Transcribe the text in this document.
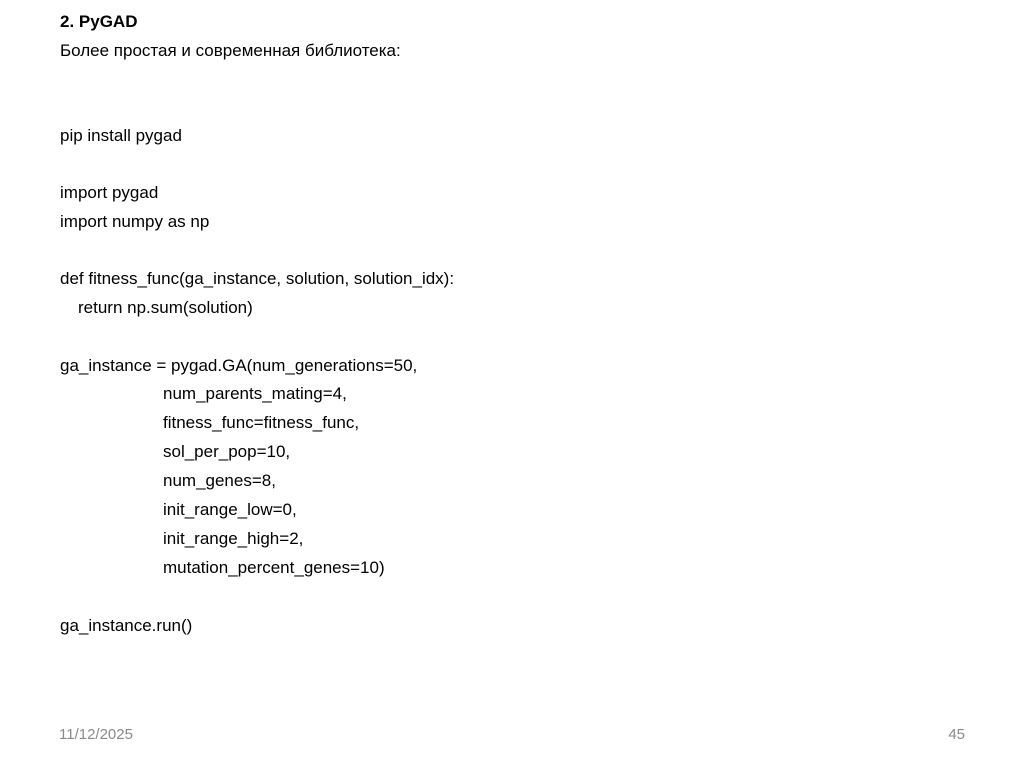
2. PyGAD
Более простая и современная библиотека:

pip install pygad

import pygad

import numpy as np

def fitness_func(ga_instance, solution, solution_idx):

return np.sum(solution)

ga_instance = pygad.GA(num_generations=50,

num_parents_mating=4,

fitness_func=fitness_func,

sol_per_pop=10,

num_genes=8,

init_range_low=0,

init_range_high=2,

mutation_percent_genes=10)

ga_instance.run()

11/12/2025	45
